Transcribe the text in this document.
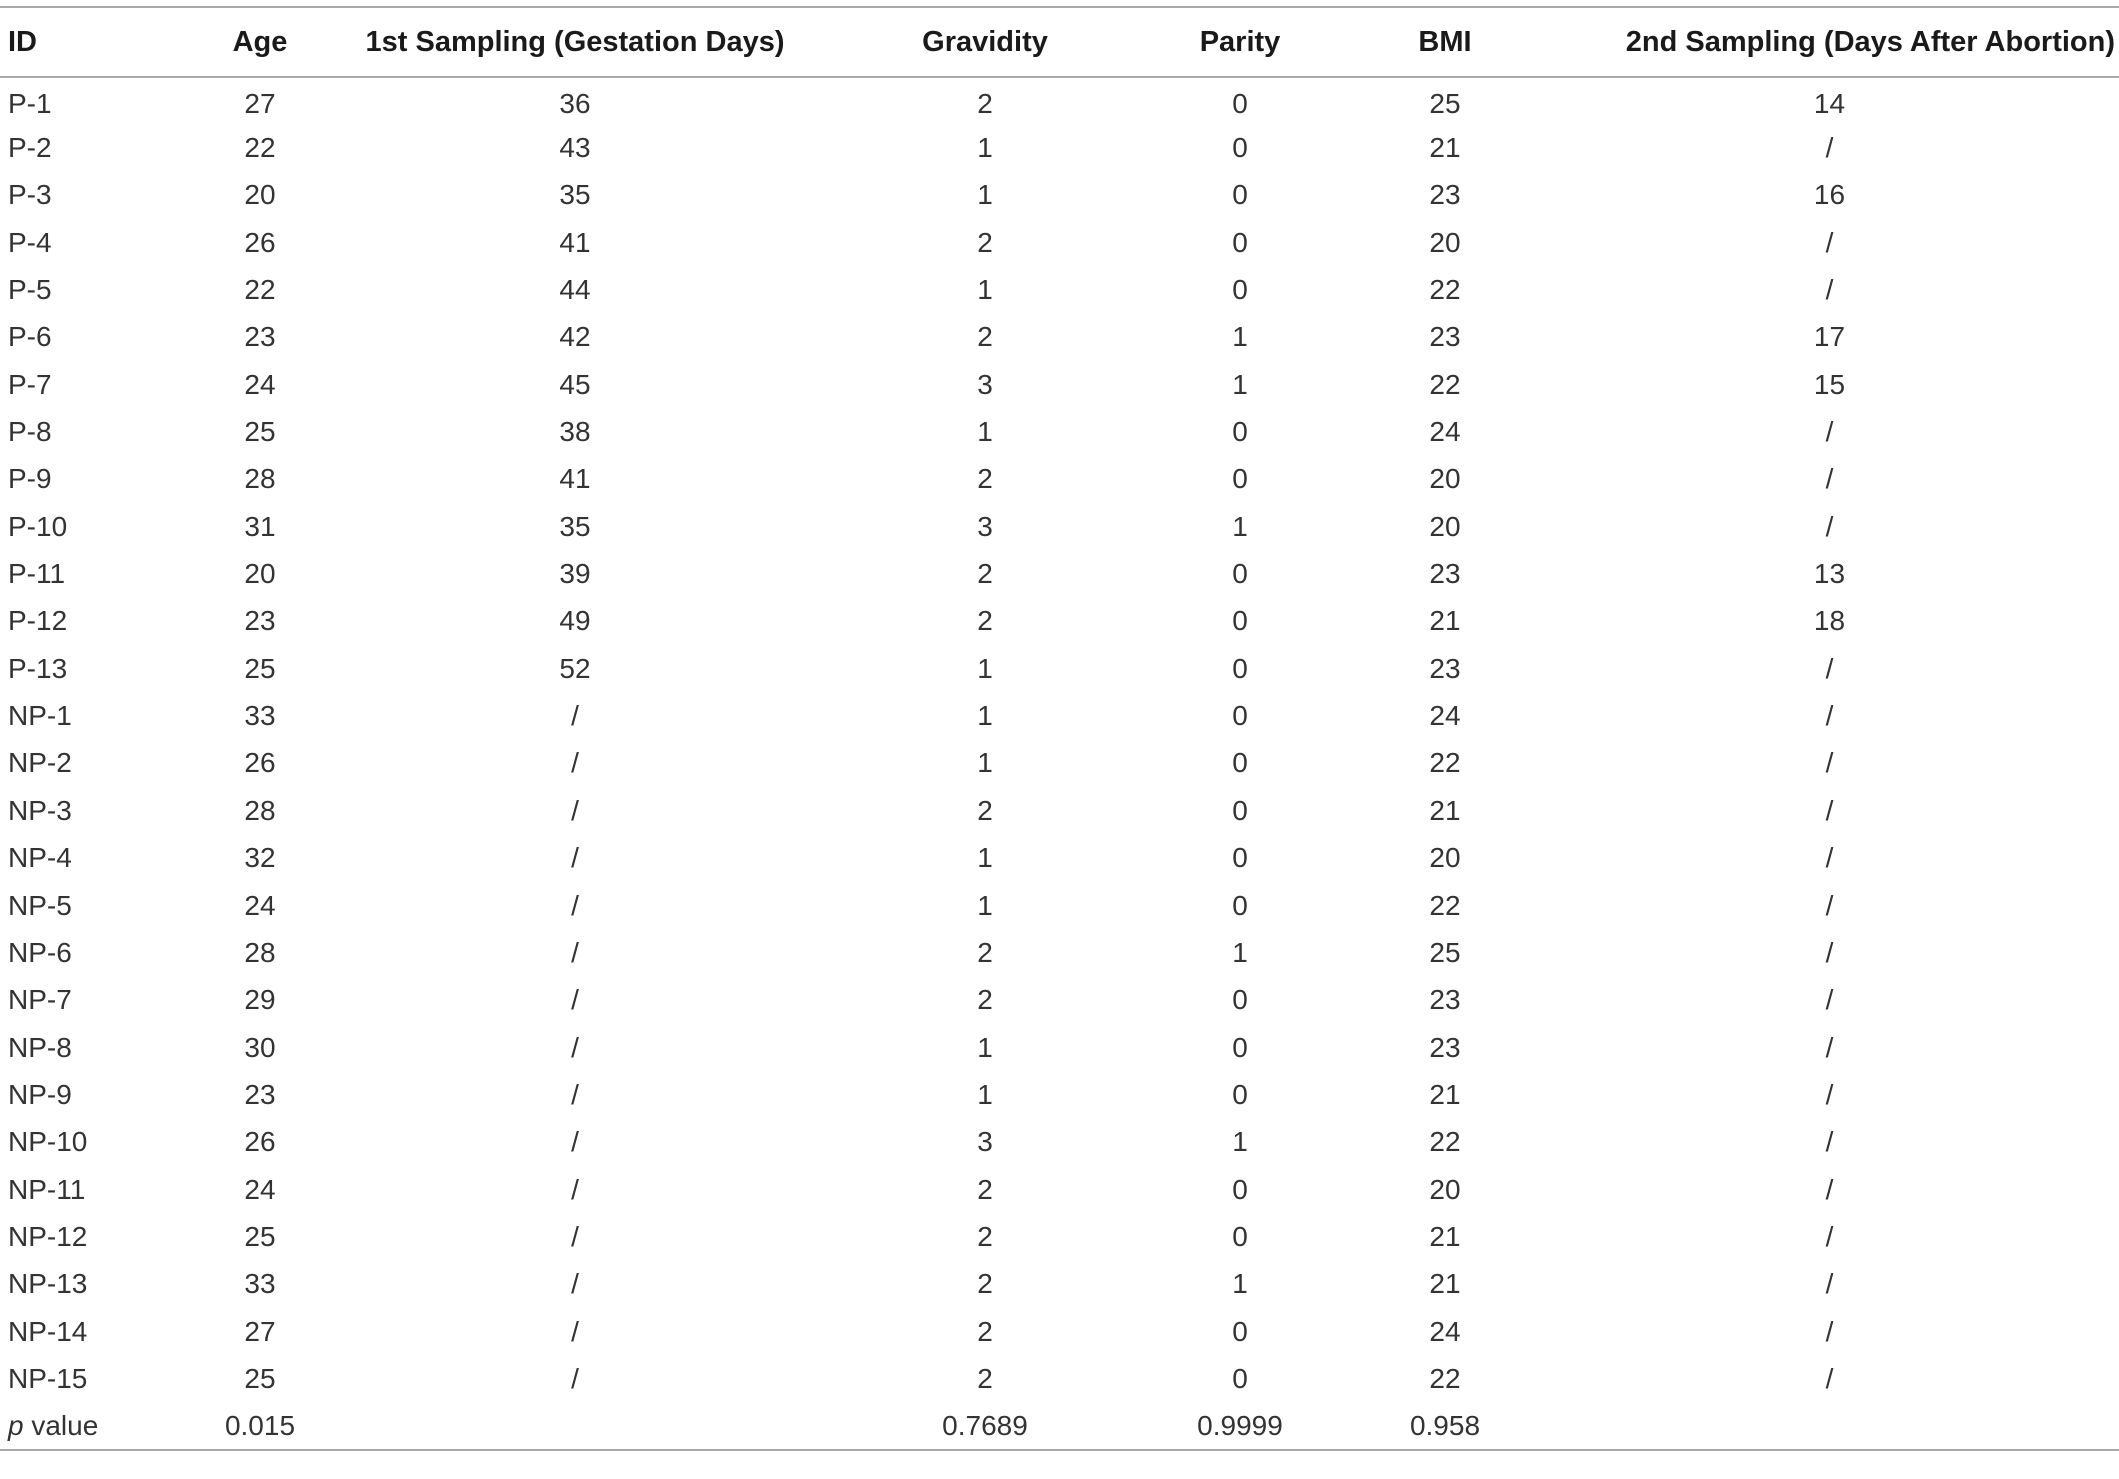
ID	Age	1st Sampling (Gestation Days)	Gravidity	Parity	BMI	2nd Sampling (Days After Abortion)
P-1	27	36	2	0	25	14
P-2	22	43	1	0	21	/
P-3	20	35	1	0	23	16
P-4	26	41	2	0	20	/
P-5	22	44	1	0	22	/
P-6	23	42	2	1	23	17
P-7	24	45	3	1	22	15
P-8	25	38	1	0	24	/
P-9	28	41	2	0	20	/
P-10	31	35	3	1	20	/
P-11	20	39	2	0	23	13
P-12	23	49	2	0	21	18
P-13	25	52	1	0	23	/
NP-1	33	/	1	0	24	/
NP-2	26	/	1	0	22	/
NP-3	28	/	2	0	21	/
NP-4	32	/	1	0	20	/
NP-5	24	/	1	0	22	/
NP-6	28	/	2	1	25	/
NP-7	29	/	2	0	23	/
NP-8	30	/	1	0	23	/
NP-9	23	/	1	0	21	/
NP-10	26	/	3	1	22	/
NP-11	24	/	2	0	20	/
NP-12	25	/	2	0	21	/
NP-13	33	/	2	1	21	/
NP-14	27	/	2	0	24	/
NP-15	25	/	2	0	22	/
p value	0.015		0.7689	0.9999	0.958	
